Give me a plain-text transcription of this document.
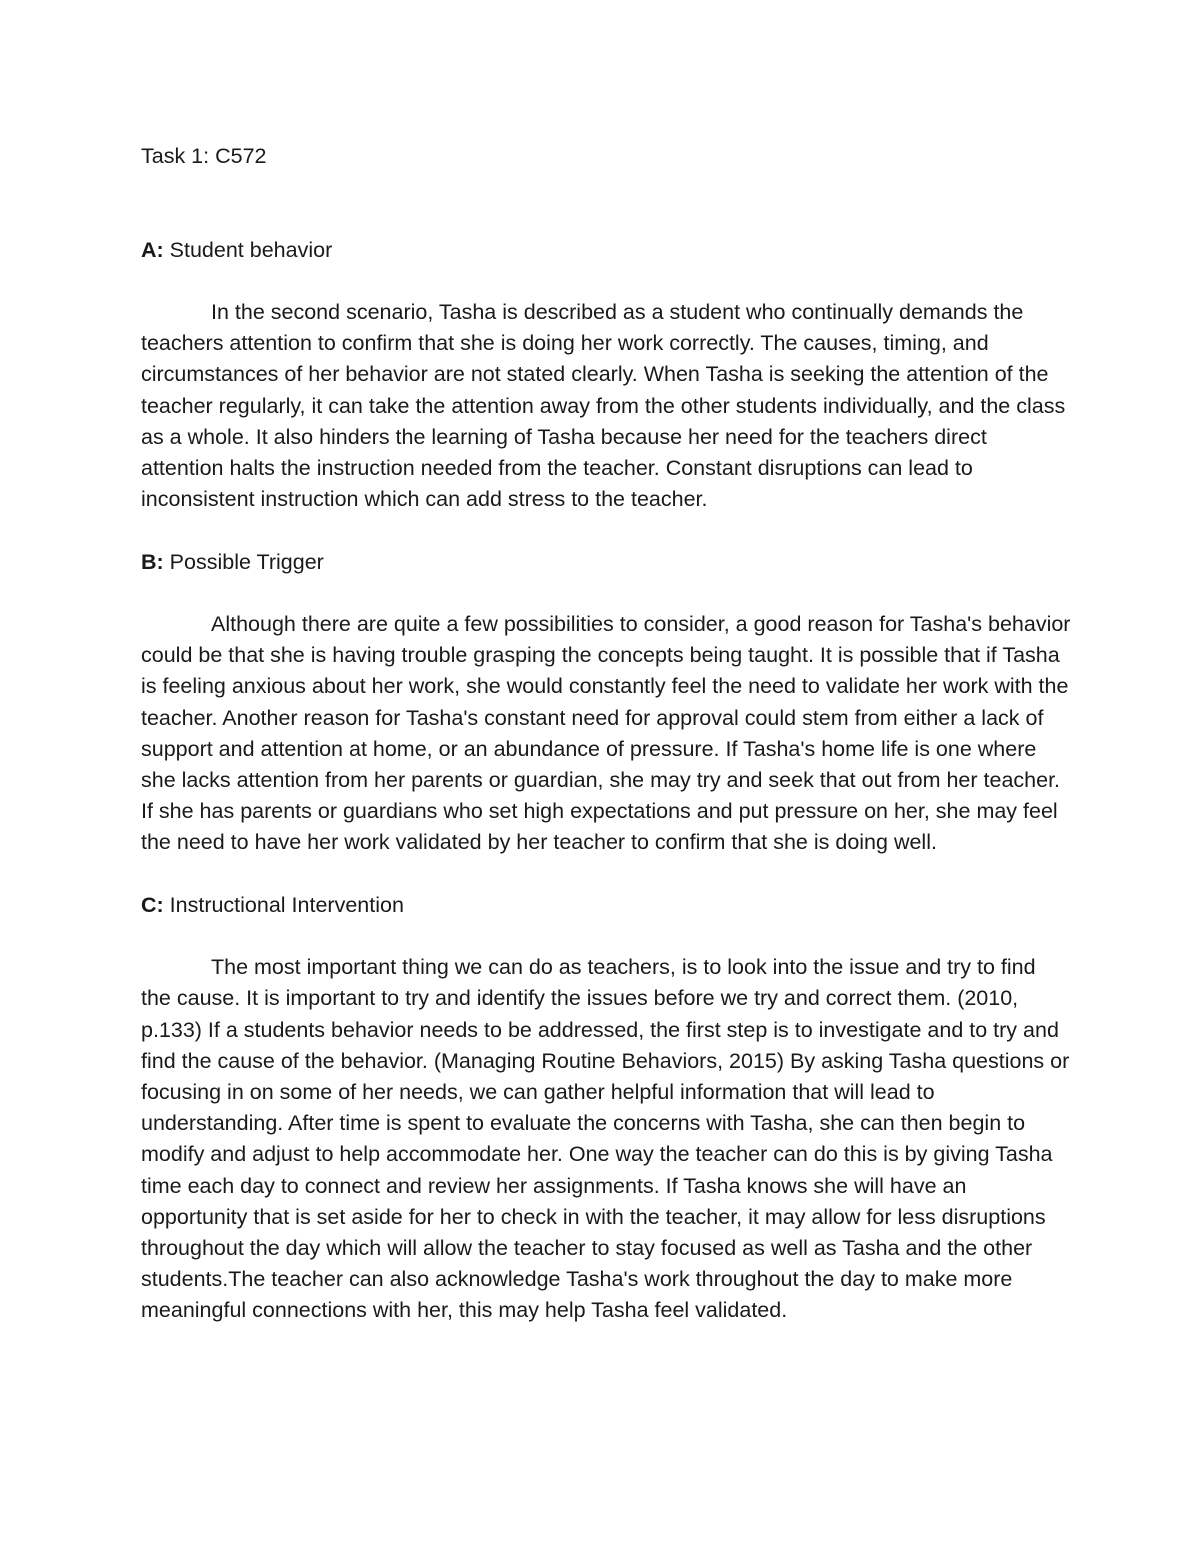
Task 1: C572
A: Student behavior

In the second scenario, Tasha is described as a student who continually demands the teachers attention to confirm that she is doing her work correctly. The causes, timing, and circumstances of her behavior are not stated clearly. When Tasha is seeking the attention of the teacher regularly, it can take the attention away from the other students individually, and the class as a whole. It also hinders the learning of Tasha because her need for the teachers direct attention halts the instruction needed from the teacher. Constant disruptions can lead to inconsistent instruction which can add stress to the teacher.

B: Possible Trigger

Although there are quite a few possibilities to consider, a good reason for Tasha's behavior could be that she is having trouble grasping the concepts being taught. It is possible that if Tasha is feeling anxious about her work, she would constantly feel the need to validate her work with the teacher. Another reason for Tasha's constant need for approval could stem from either a lack of support and attention at home, or an abundance of pressure. If Tasha's home life is one where she lacks attention from her parents or guardian, she may try and seek that out from her teacher. If she has parents or guardians who set high expectations and put pressure on her, she may feel the need to have her work validated by her teacher to confirm that she is doing well.

C: Instructional Intervention

The most important thing we can do as teachers, is to look into the issue and try to find the cause. It is important to try and identify the issues before we try and correct them. (2010, p.133) If a students behavior needs to be addressed, the first step is to investigate and to try and find the cause of the behavior. (Managing Routine Behaviors, 2015) By asking Tasha questions or focusing in on some of her needs, we can gather helpful information that will lead to understanding. After time is spent to evaluate the concerns with Tasha, she can then begin to modify and adjust to help accommodate her. One way the teacher can do this is by giving Tasha time each day to connect and review her assignments. If Tasha knows she will have an opportunity that is set aside for her to check in with the teacher, it may allow for less disruptions throughout the day which will allow the teacher to stay focused as well as Tasha and the other students.The teacher can also acknowledge Tasha's work throughout the day to make more meaningful connections with her, this may help Tasha feel validated.
